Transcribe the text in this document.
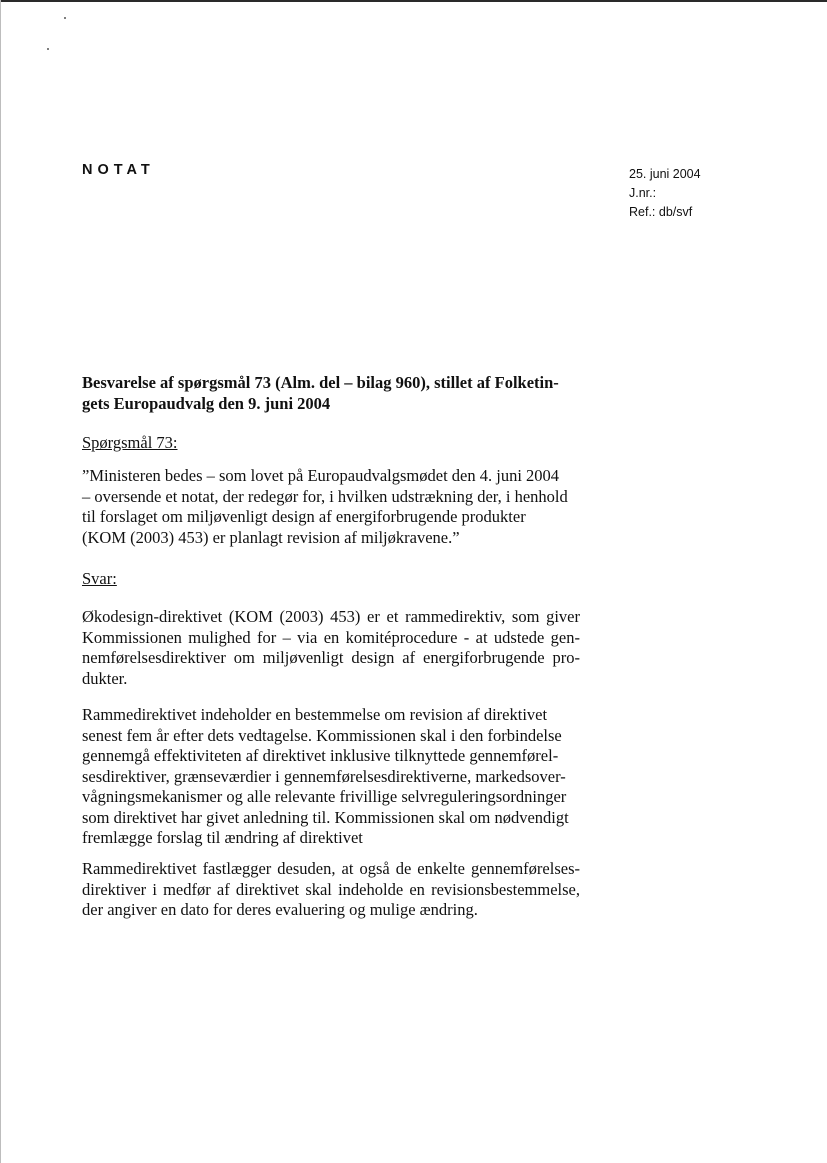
NOTAT	25. juni 2004
J.nr.:
Ref.: db/svf
Besvarelse af spørgsmål 73 (Alm. del – bilag 960), stillet af Folketin-
gets Europaudvalg den 9. juni 2004
Spørgsmål 73:
”Ministeren bedes – som lovet på Europaudvalgsmødet den 4. juni 2004
– oversende et notat, der redegør for, i hvilken udstrækning der, i henhold
til forslaget om miljøvenligt design af energiforbrugende produkter
(KOM (2003) 453) er planlagt revision af miljøkravene.”
Svar:
Økodesign-direktivet (KOM (2003) 453) er et rammedirektiv, som giver
Kommissionen mulighed for – via en komitéprocedure - at udstede gen-
nemførelsesdirektiver om miljøvenligt design af energiforbrugende pro-
dukter.
Rammedirektivet indeholder en bestemmelse om revision af direktivet
senest fem år efter dets vedtagelse. Kommissionen skal i den forbindelse
gennemgå effektiviteten af direktivet inklusive tilknyttede gennemførel-
sesdirektiver, grænseværdier i gennemførelsesdirektiverne, markedsover-
vågningsmekanismer og alle relevante frivillige selvreguleringsordninger
som direktivet har givet anledning til. Kommissionen skal om nødvendigt
fremlægge forslag til ændring af direktivet
Rammedirektivet fastlægger desuden, at også de enkelte gennemførelses-
direktiver i medfør af direktivet skal indeholde en revisionsbestemmelse,
der angiver en dato for deres evaluering og mulige ændring.
